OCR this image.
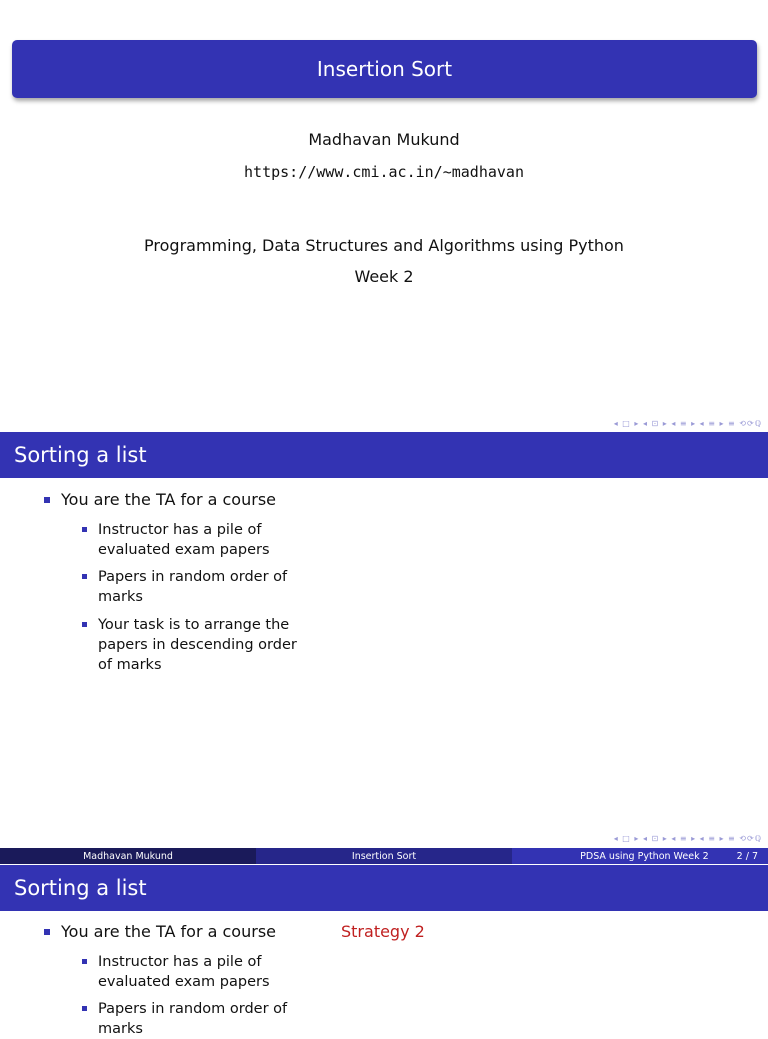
Insertion Sort
Madhavan Mukund
https://www.cmi.ac.in/~madhavan
Programming, Data Structures and Algorithms using Python
Week 2
◂ □ ▸ ◂ ⊡ ▸ ◂ ≡ ▸ ◂ ≡ ▸ ≡ ⟲⟳ℚ
Sorting a list
You are the TA for a course
Instructor has a pile of evaluated exam papers
Papers in random order of marks
Your task is to arrange the papers in descending order of marks
◂ □ ▸ ◂ ⊡ ▸ ◂ ≡ ▸ ◂ ≡ ▸ ≡ ⟲⟳ℚ
Madhavan Mukund	Insertion Sort	PDSA using Python Week 2	2 / 7
Sorting a list
You are the TA for a course	Strategy 2
Instructor has a pile of evaluated exam papers
Papers in random order of marks
